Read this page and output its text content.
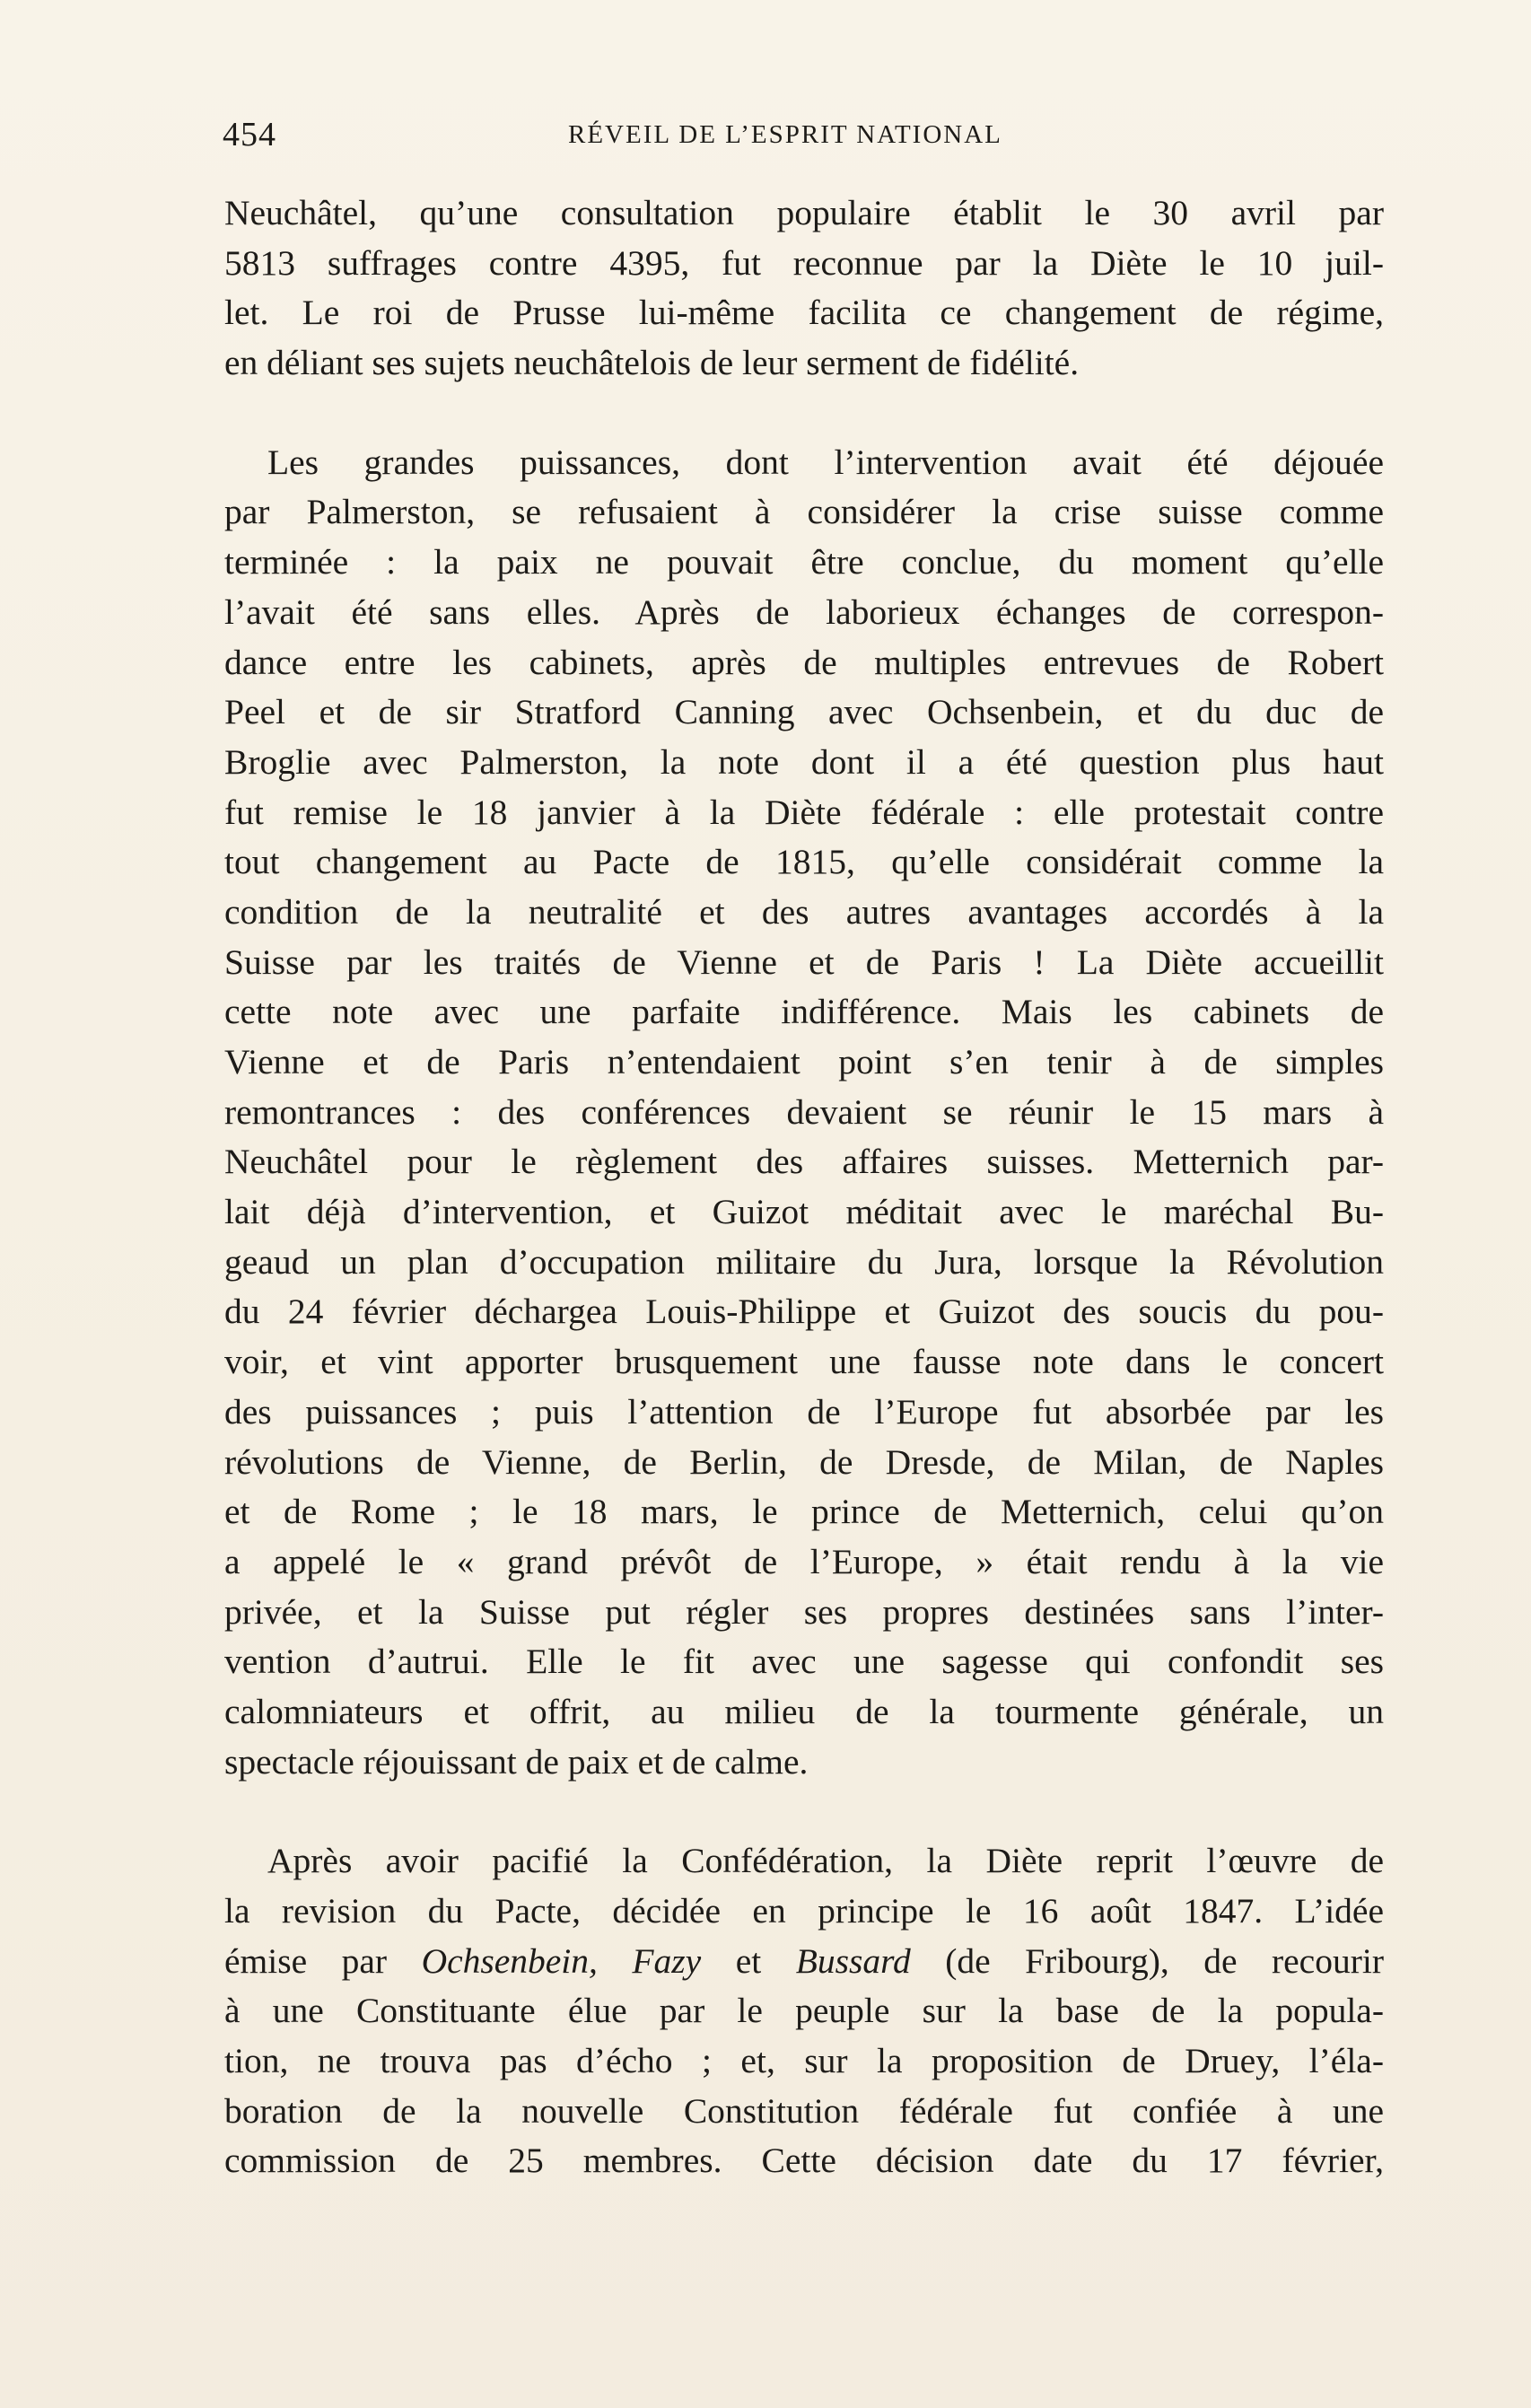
454	RÉVEIL DE L’ESPRIT NATIONAL
Neuchâtel, qu’une consultation populaire établit le 30 avril par
5813 suffrages contre 4395, fut reconnue par la Diète le 10 juil-
let. Le roi de Prusse lui-même facilita ce changement de régime,
en déliant ses sujets neuchâtelois de leur serment de fidélité.
Les grandes puissances, dont l’intervention avait été déjouée
par Palmerston, se refusaient à considérer la crise suisse comme
terminée : la paix ne pouvait être conclue, du moment qu’elle
l’avait été sans elles. Après de laborieux échanges de correspon-
dance entre les cabinets, après de multiples entrevues de Robert
Peel et de sir Stratford Canning avec Ochsenbein, et du duc de
Broglie avec Palmerston, la note dont il a été question plus haut
fut remise le 18 janvier à la Diète fédérale : elle protestait contre
tout changement au Pacte de 1815, qu’elle considérait comme la
condition de la neutralité et des autres avantages accordés à la
Suisse par les traités de Vienne et de Paris ! La Diète accueillit
cette note avec une parfaite indifférence. Mais les cabinets de
Vienne et de Paris n’entendaient point s’en tenir à de simples
remontrances : des conférences devaient se réunir le 15 mars à
Neuchâtel pour le règlement des affaires suisses. Metternich par-
lait déjà d’intervention, et Guizot méditait avec le maréchal Bu-
geaud un plan d’occupation militaire du Jura, lorsque la Révolution
du 24 février déchargea Louis-Philippe et Guizot des soucis du pou-
voir, et vint apporter brusquement une fausse note dans le concert
des puissances ; puis l’attention de l’Europe fut absorbée par les
révolutions de Vienne, de Berlin, de Dresde, de Milan, de Naples
et de Rome ; le 18 mars, le prince de Metternich, celui qu’on
a appelé le « grand prévôt de l’Europe, » était rendu à la vie
privée, et la Suisse put régler ses propres destinées sans l’inter-
vention d’autrui. Elle le fit avec une sagesse qui confondit ses
calomniateurs et offrit, au milieu de la tourmente générale, un
spectacle réjouissant de paix et de calme.
Après avoir pacifié la Confédération, la Diète reprit l’œuvre de
la revision du Pacte, décidée en principe le 16 août 1847. L’idée
émise par Ochsenbein, Fazy et Bussard (de Fribourg), de recourir
à une Constituante élue par le peuple sur la base de la popula-
tion, ne trouva pas d’écho ; et, sur la proposition de Druey, l’éla-
boration de la nouvelle Constitution fédérale fut confiée à une
commission de 25 membres. Cette décision date du 17 février,
